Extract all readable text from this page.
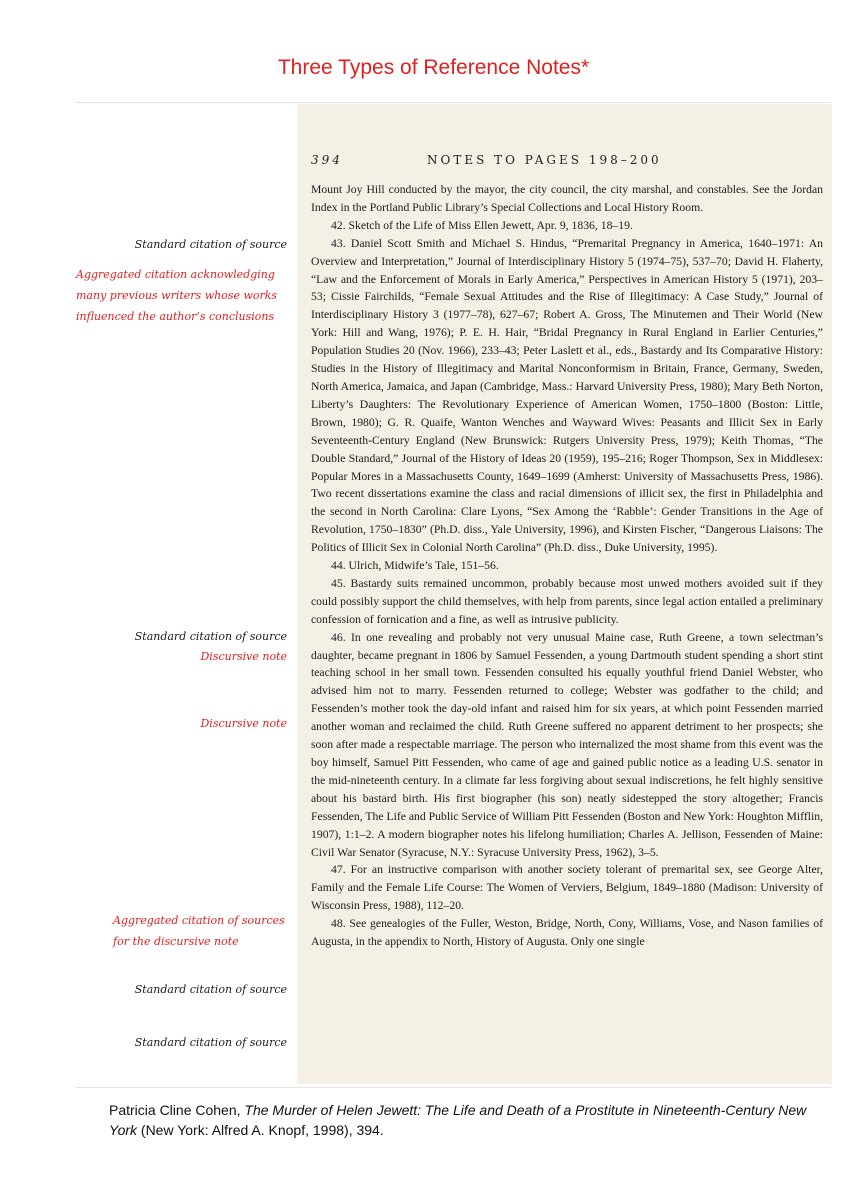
Three Types of Reference Notes*
394	NOTES TO PAGES 198–200

Mount Joy Hill conducted by the mayor, the city council, the city marshal, and constables. See the Jordan Index in the Portland Public Library’s Special Collections and Local History Room.

42. Sketch of the Life of Miss Ellen Jewett, Apr. 9, 1836, 18–19.

43. Daniel Scott Smith and Michael S. Hindus, “Premarital Pregnancy in America, 1640–1971: An Overview and Interpretation,” Journal of Interdisciplinary History 5 (1974–75), 537–70; David H. Flaherty, “Law and the Enforcement of Morals in Early America,” Perspectives in American History 5 (1971), 203–53; Cissie Fairchilds, “Female Sexual Attitudes and the Rise of Illegitimacy: A Case Study,” Journal of Interdisciplinary History 3 (1977–78), 627–67; Robert A. Gross, The Minutemen and Their World (New York: Hill and Wang, 1976); P. E. H. Hair, “Bridal Pregnancy in Rural England in Earlier Centuries,” Population Studies 20 (Nov. 1966), 233–43; Peter Laslett et al., eds., Bastardy and Its Comparative History: Studies in the History of Illegitimacy and Marital Nonconformism in Britain, France, Germany, Sweden, North America, Jamaica, and Japan (Cambridge, Mass.: Harvard University Press, 1980); Mary Beth Norton, Liberty’s Daughters: The Revolutionary Experience of American Women, 1750–1800 (Boston: Little, Brown, 1980); G. R. Quaife, Wanton Wenches and Wayward Wives: Peasants and Illicit Sex in Early Seventeenth-Century England (New Brunswick: Rutgers University Press, 1979); Keith Thomas, “The Double Standard,” Journal of the History of Ideas 20 (1959), 195–216; Roger Thompson, Sex in Middlesex: Popular Mores in a Massachusetts County, 1649–1699 (Amherst: University of Massachusetts Press, 1986). Two recent dissertations examine the class and racial dimensions of illicit sex, the first in Philadelphia and the second in North Carolina: Clare Lyons, “Sex Among the ‘Rabble’: Gender Transitions in the Age of Revolution, 1750–1830” (Ph.D. diss., Yale University, 1996), and Kirsten Fischer, “Dangerous Liaisons: The Politics of Illicit Sex in Colonial North Carolina” (Ph.D. diss., Duke University, 1995).

44. Ulrich, Midwife’s Tale, 151–56.

45. Bastardy suits remained uncommon, probably because most unwed mothers avoided suit if they could possibly support the child themselves, with help from parents, since legal action entailed a preliminary confession of fornication and a fine, as well as intrusive publicity.

46. In one revealing and probably not very unusual Maine case, Ruth Greene, a town selectman’s daughter, became pregnant in 1806 by Samuel Fessenden, a young Dartmouth student spending a short stint teaching school in her small town. Fessenden consulted his equally youthful friend Daniel Webster, who advised him not to marry. Fessenden returned to college; Webster was godfather to the child; and Fessenden’s mother took the day-old infant and raised him for six years, at which point Fessenden married another woman and reclaimed the child. Ruth Greene suffered no apparent detriment to her prospects; she soon after made a respectable marriage. The person who internalized the most shame from this event was the boy himself, Samuel Pitt Fessenden, who came of age and gained public notice as a leading U.S. senator in the mid-nineteenth century. In a climate far less forgiving about sexual indiscretions, he felt highly sensitive about his bastard birth. His first biographer (his son) neatly sidestepped the story altogether; Francis Fessenden, The Life and Public Service of William Pitt Fessenden (Boston and New York: Houghton Mifflin, 1907), 1:1–2. A modern biographer notes his lifelong humiliation; Charles A. Jellison, Fessenden of Maine: Civil War Senator (Syracuse, N.Y.: Syracuse University Press, 1962), 3–5.

47. For an instructive comparison with another society tolerant of premarital sex, see George Alter, Family and the Female Life Course: The Women of Verviers, Belgium, 1849–1880 (Madison: University of Wisconsin Press, 1988), 112–20.

48. See genealogies of the Fuller, Weston, Bridge, North, Cony, Williams, Vose, and Nason families of Augusta, in the appendix to North, History of Augusta. Only one single

Standard citation of source
Aggregated citation acknowledging
many previous writers whose works
influenced the author’s conclusions
Standard citation of source
Discursive note
Discursive note
Aggregated citation of sources
for the discursive note
Standard citation of source
Standard citation of source
Patricia Cline Cohen, The Murder of Helen Jewett: The Life and Death of a Prostitute in Nineteenth-Century New York (New York: Alfred A. Knopf, 1998), 394.
